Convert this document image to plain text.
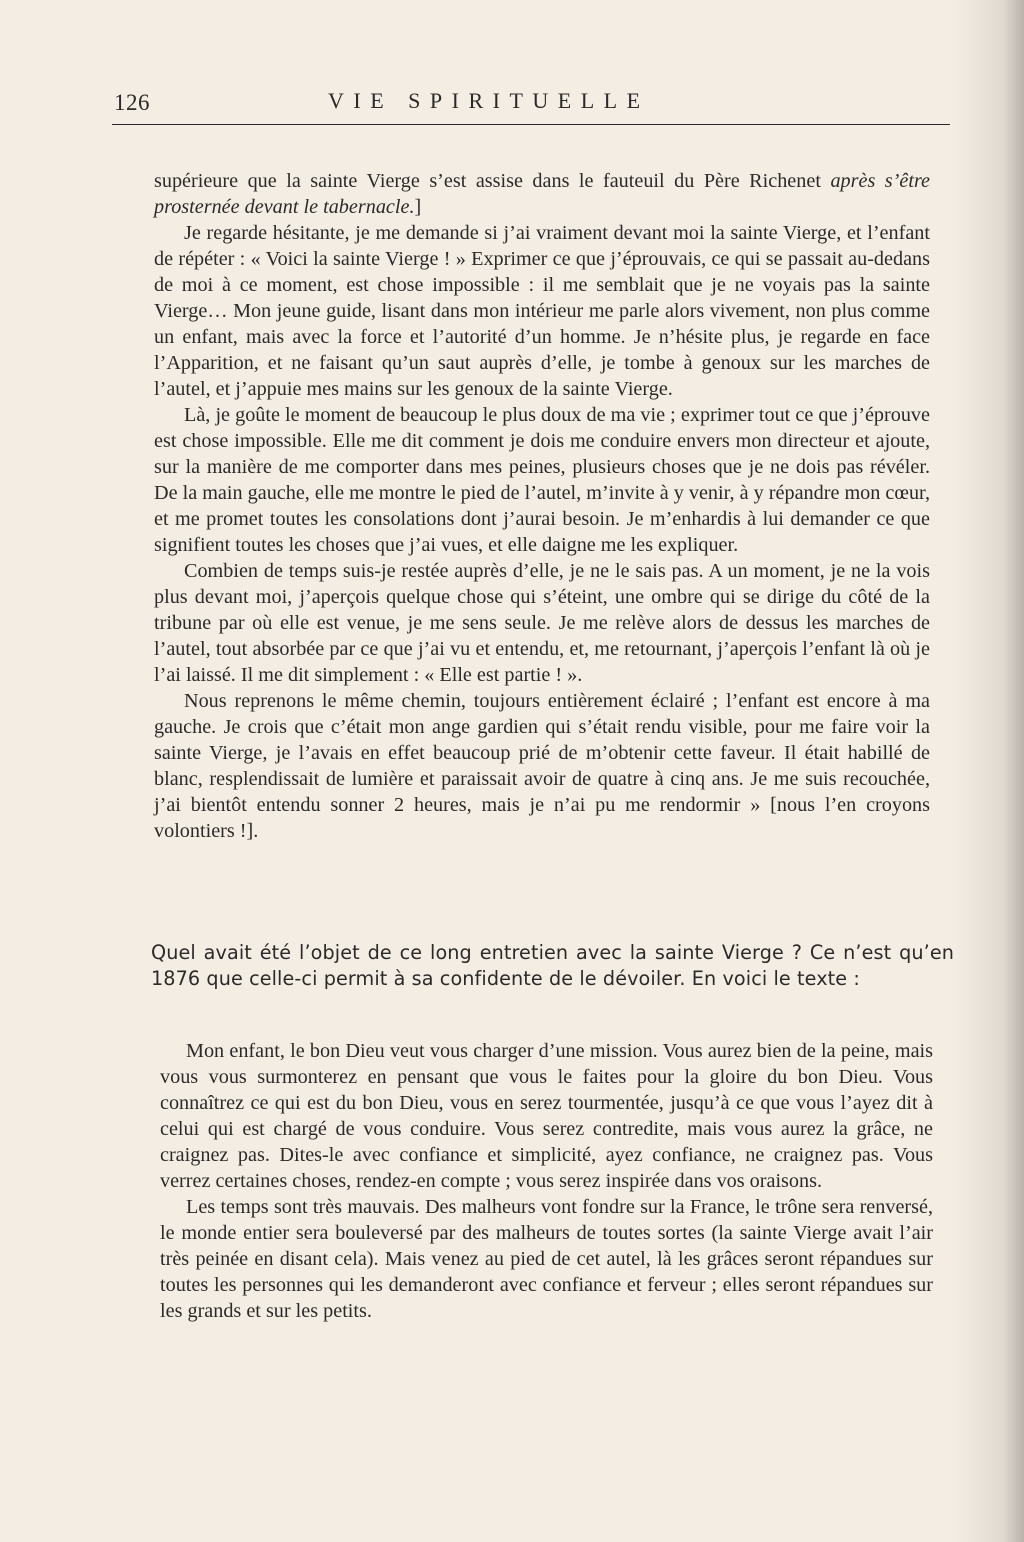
126	VIE SPIRITUELLE

supérieure que la sainte Vierge s’est assise dans le fauteuil du Père Richenet après s’être prosternée devant le tabernacle.]

Je regarde hésitante, je me demande si j’ai vraiment devant moi la sainte Vierge, et l’enfant de répéter : « Voici la sainte Vierge ! » Exprimer ce que j’éprouvais, ce qui se passait au-dedans de moi à ce moment, est chose impossible : il me semblait que je ne voyais pas la sainte Vierge… Mon jeune guide, lisant dans mon intérieur me parle alors vivement, non plus comme un enfant, mais avec la force et l’autorité d’un homme. Je n’hésite plus, je regarde en face l’Apparition, et ne faisant qu’un saut auprès d’elle, je tombe à genoux sur les marches de l’autel, et j’appuie mes mains sur les genoux de la sainte Vierge.

Là, je goûte le moment de beaucoup le plus doux de ma vie ; exprimer tout ce que j’éprouve est chose impossible. Elle me dit comment je dois me conduire envers mon directeur et ajoute, sur la manière de me comporter dans mes peines, plusieurs choses que je ne dois pas révéler. De la main gauche, elle me montre le pied de l’autel, m’invite à y venir, à y répandre mon cœur, et me promet toutes les consolations dont j’aurai besoin. Je m’enhardis à lui demander ce que signifient toutes les choses que j’ai vues, et elle daigne me les expliquer.

Combien de temps suis-je restée auprès d’elle, je ne le sais pas. A un moment, je ne la vois plus devant moi, j’aperçois quelque chose qui s’éteint, une ombre qui se dirige du côté de la tribune par où elle est venue, je me sens seule. Je me relève alors de dessus les marches de l’autel, tout absorbée par ce que j’ai vu et entendu, et, me retournant, j’aperçois l’enfant là où je l’ai laissé. Il me dit simplement : « Elle est partie ! ».

Nous reprenons le même chemin, toujours entièrement éclairé ; l’enfant est encore à ma gauche. Je crois que c’était mon ange gardien qui s’était rendu visible, pour me faire voir la sainte Vierge, je l’avais en effet beaucoup prié de m’obtenir cette faveur. Il était habillé de blanc, resplendissait de lumière et paraissait avoir de quatre à cinq ans. Je me suis recouchée, j’ai bientôt entendu sonner 2 heures, mais je n’ai pu me rendormir » [nous l’en croyons volontiers !].

Quel avait été l’objet de ce long entretien avec la sainte Vierge ? Ce n’est qu’en 1876 que celle-ci permit à sa confidente de le dévoiler. En voici le texte :

Mon enfant, le bon Dieu veut vous charger d’une mission. Vous aurez bien de la peine, mais vous vous surmonterez en pensant que vous le faites pour la gloire du bon Dieu. Vous connaîtrez ce qui est du bon Dieu, vous en serez tourmentée, jusqu’à ce que vous l’ayez dit à celui qui est chargé de vous conduire. Vous serez contredite, mais vous aurez la grâce, ne craignez pas. Dites-le avec confiance et simplicité, ayez confiance, ne craignez pas. Vous verrez certaines choses, rendez-en compte ; vous serez inspirée dans vos oraisons.

Les temps sont très mauvais. Des malheurs vont fondre sur la France, le trône sera renversé, le monde entier sera bouleversé par des malheurs de toutes sortes (la sainte Vierge avait l’air très peinée en disant cela). Mais venez au pied de cet autel, là les grâces seront répandues sur toutes les personnes qui les demanderont avec confiance et ferveur ; elles seront répandues sur les grands et sur les petits.
